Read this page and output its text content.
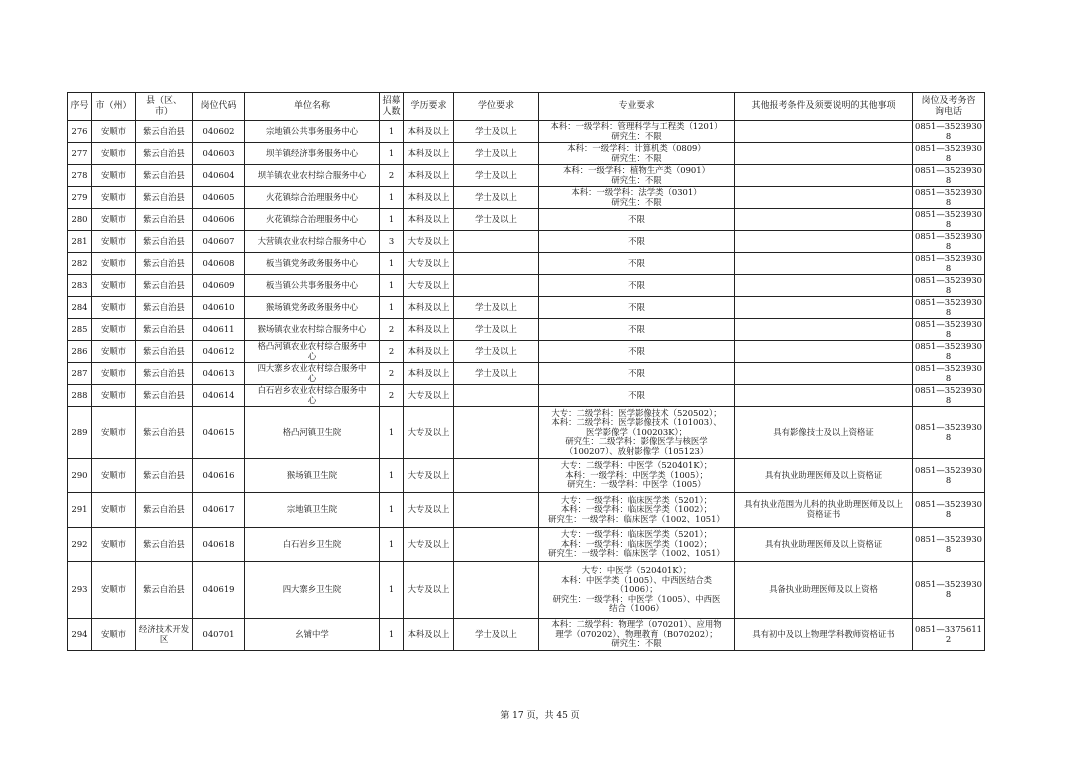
序号	市（州）	县（区、
市）	岗位代码	单位名称	招募
人数	学历要求	学位要求	专业要求	其他报考条件及须要说明的其他事项	岗位及考务咨
询电话
276	安顺市	紫云自治县	040602	宗地镇公共事务服务中心	1	本科及以上	学士及以上	本科：一级学科：管理科学与工程类（1201）
研究生：不限		0851—35239308
277	安顺市	紫云自治县	040603	坝羊镇经济事务服务中心	1	本科及以上	学士及以上	本科：一级学科：计算机类（0809）
研究生：不限		0851—35239308
278	安顺市	紫云自治县	040604	坝羊镇农业农村综合服务中心	2	本科及以上	学士及以上	本科：一级学科：植物生产类（0901）
研究生：不限		0851—35239308
279	安顺市	紫云自治县	040605	火花镇综合治理服务中心	1	本科及以上	学士及以上	本科：一级学科：法学类（0301）
研究生：不限		0851—35239308
280	安顺市	紫云自治县	040606	火花镇综合治理服务中心	1	本科及以上	学士及以上	不限		0851—35239308
281	安顺市	紫云自治县	040607	大营镇农业农村综合服务中心	3	大专及以上		不限		0851—35239308
282	安顺市	紫云自治县	040608	板当镇党务政务服务中心	1	大专及以上		不限		0851—35239308
283	安顺市	紫云自治县	040609	板当镇公共事务服务中心	1	大专及以上		不限		0851—35239308
284	安顺市	紫云自治县	040610	猴场镇党务政务服务中心	1	本科及以上	学士及以上	不限		0851—35239308
285	安顺市	紫云自治县	040611	猴场镇农业农村综合服务中心	2	本科及以上	学士及以上	不限		0851—35239308
286	安顺市	紫云自治县	040612	格凸河镇农业农村综合服务中
心	2	本科及以上	学士及以上	不限		0851—35239308
287	安顺市	紫云自治县	040613	四大寨乡农业农村综合服务中
心	2	本科及以上	学士及以上	不限		0851—35239308
288	安顺市	紫云自治县	040614	白石岩乡农业农村综合服务中
心	2	大专及以上		不限		0851—35239308
289	安顺市	紫云自治县	040615	格凸河镇卫生院	1	大专及以上		大专：二级学科：医学影像技术（520502）；
本科：二级学科：医学影像技术（101003）、
医学影像学（100203K）；
研究生：二级学科：影像医学与核医学
（100207）、放射影像学（105123）	具有影像技士及以上资格证	0851—35239308
290	安顺市	紫云自治县	040616	猴场镇卫生院	1	大专及以上		大专：二级学科：中医学（520401K）；
本科：一级学科：中医学类（1005）；
研究生：一级学科：中医学（1005）	具有执业助理医师及以上资格证	0851—35239308
291	安顺市	紫云自治县	040617	宗地镇卫生院	1	大专及以上		大专：一级学科：临床医学类（5201）；
本科：一级学科：临床医学类（1002）；
研究生：一级学科：临床医学（1002、1051）	具有执业范围为儿科的执业助理医师及以上
资格证书	0851—35239308
292	安顺市	紫云自治县	040618	白石岩乡卫生院	1	大专及以上		大专：一级学科：临床医学类（5201）；
本科：一级学科：临床医学类（1002）；
研究生：一级学科：临床医学（1002、1051）	具有执业助理医师及以上资格证	0851—35239308
293	安顺市	紫云自治县	040619	四大寨乡卫生院	1	大专及以上		大专：中医学（520401K）；
本科：中医学类（1005）、中西医结合类
（1006）；
研究生：一级学科：中医学（1005）、中西医
结合（1006）	具备执业助理医师及以上资格	0851—35239308
294	安顺市	经济技术开发
区	040701	幺铺中学	1	本科及以上	学士及以上	本科：二级学科：物理学（070201）、应用物
理学（070202）、物理教育（B070202）；
研究生：不限	具有初中及以上物理学科教师资格证书	0851—33756112
第 17 页，共 45 页
